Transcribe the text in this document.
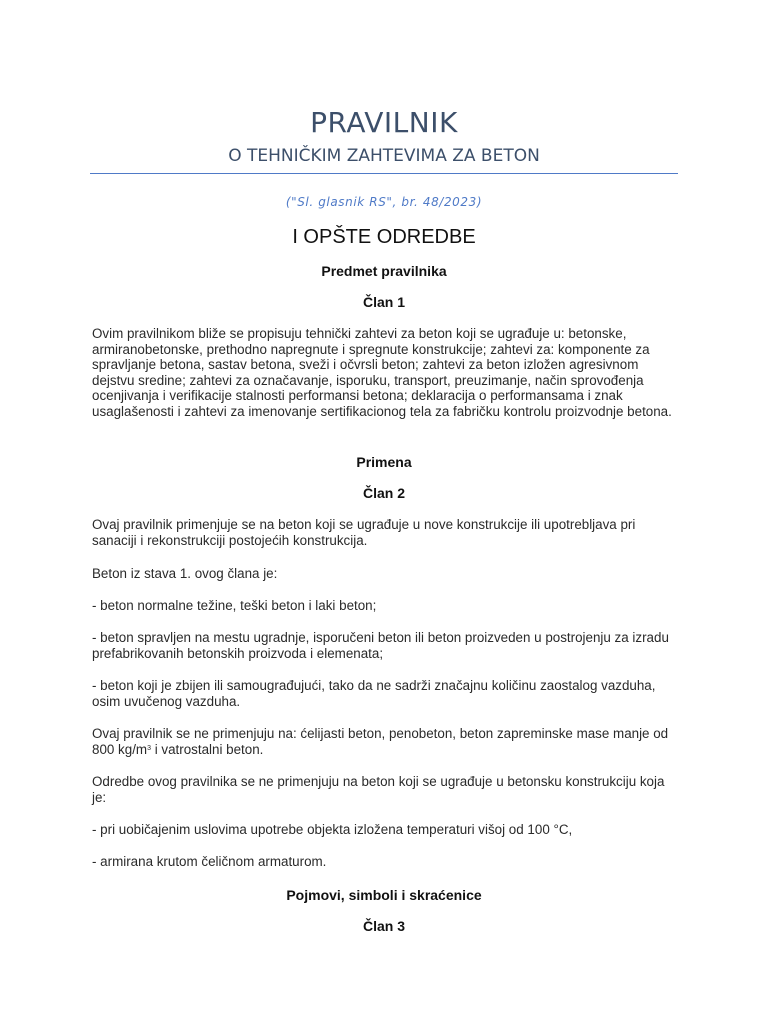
PRAVILNIK
O TEHNIČKIM ZAHTEVIMA ZA BETON
("Sl. glasnik RS", br. 48/2023)
I OPŠTE ODREDBE
Predmet pravilnika
Član 1

Ovim pravilnikom bliže se propisuju tehnički zahtevi za beton koji se ugrađuje u: betonske, armiranobetonske, prethodno napregnute i spregnute konstrukcije; zahtevi za: komponente za spravljanje betona, sastav betona, sveži i očvrsli beton; zahtevi za beton izložen agresivnom dejstvu sredine; zahtevi za označavanje, isporuku, transport, preuzimanje, način sprovođenja ocenjivanja i verifikacije stalnosti performansi betona; deklaracija o performansama i znak usaglašenosti i zahtevi za imenovanje sertifikacionog tela za fabričku kontrolu proizvodnje betona.

Primena
Član 2

Ovaj pravilnik primenjuje se na beton koji se ugrađuje u nove konstrukcije ili upotrebljava pri sanaciji i rekonstrukciji postojećih konstrukcija.

Beton iz stava 1. ovog člana je:

- beton normalne težine, teški beton i laki beton;

- beton spravljen na mestu ugradnje, isporučeni beton ili beton proizveden u postrojenju za izradu prefabrikovanih betonskih proizvoda i elemenata;

- beton koji je zbijen ili samougrađujući, tako da ne sadrži značajnu količinu zaostalog vazduha, osim uvučenog vazduha.

Ovaj pravilnik se ne primenjuju na: ćelijasti beton, penobeton, beton zapreminske mase manje od 800 $kg/m^3$ i vatrostalni beton.

Odredbe ovog pravilnika se ne primenjuju na beton koji se ugrađuje u betonsku konstrukciju koja je:

- pri uobičajenim uslovima upotrebe objekta izložena temperaturi višoj od 100 °C,

- armirana krutom čeličnom armaturom.

Pojmovi, simboli i skraćenice
Član 3
